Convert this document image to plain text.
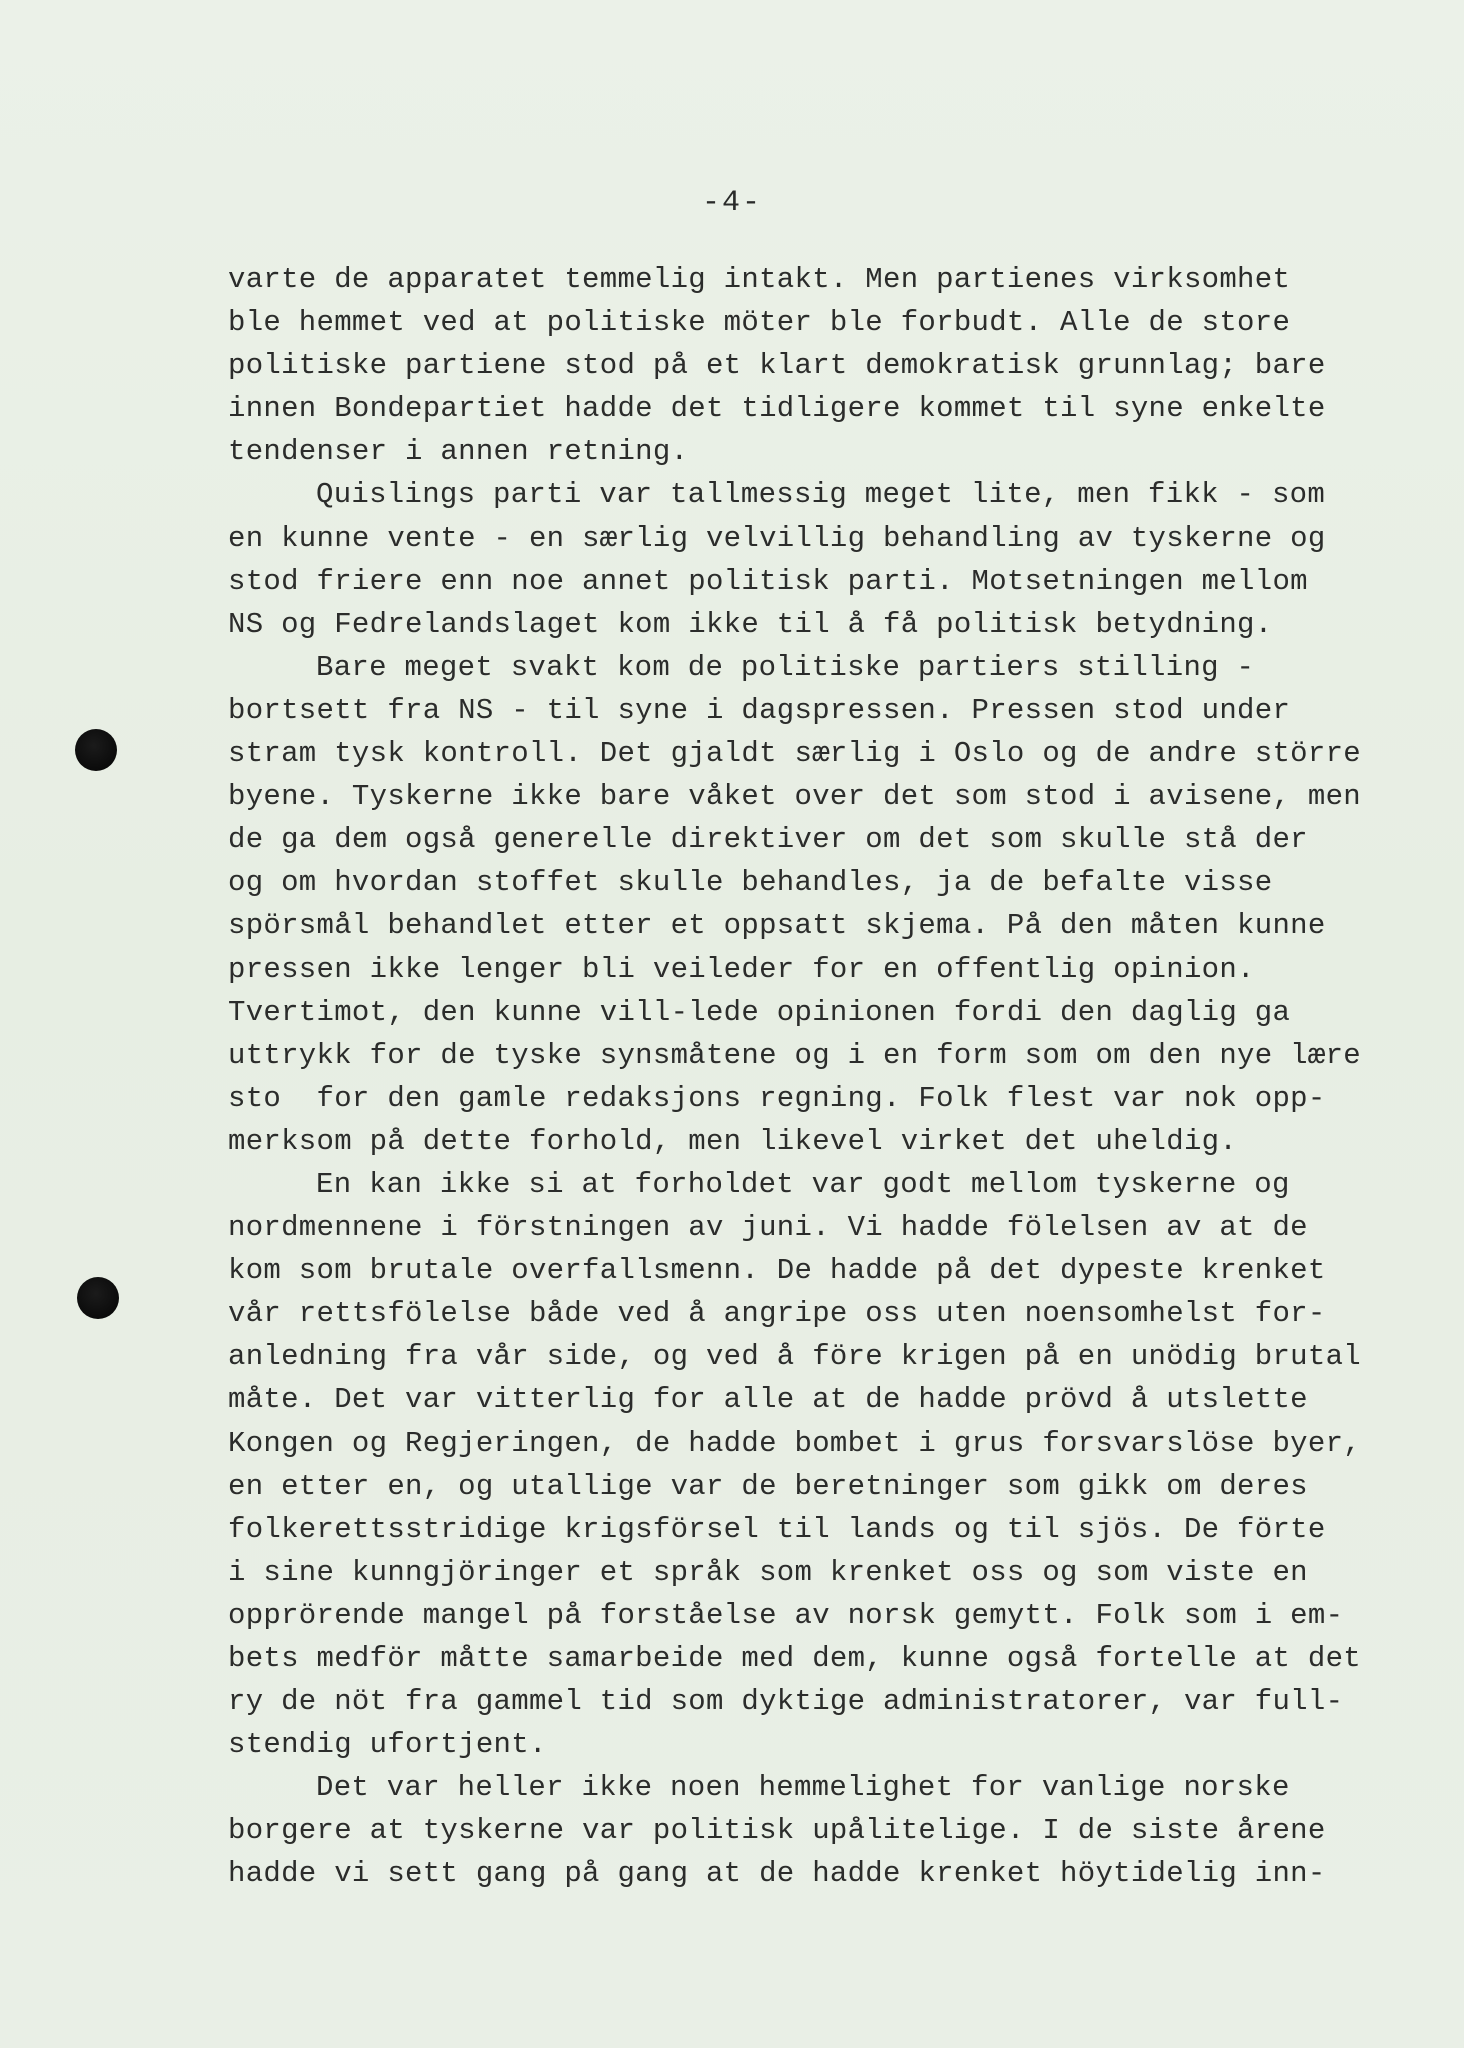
-4-
varte de apparatet temmelig intakt. Men partienes virksomhet
ble hemmet ved at politiske möter ble forbudt. Alle de store
politiske partiene stod på et klart demokratisk grunnlag; bare
innen Bondepartiet hadde det tidligere kommet til syne enkelte
tendenser i annen retning.
Quislings parti var tallmessig meget lite, men fikk - som
en kunne vente - en særlig velvillig behandling av tyskerne og
stod friere enn noe annet politisk parti. Motsetningen mellom
NS og Fedrelandslaget kom ikke til å få politisk betydning.
Bare meget svakt kom de politiske partiers stilling -
bortsett fra NS - til syne i dagspressen. Pressen stod under
stram tysk kontroll. Det gjaldt særlig i Oslo og de andre större
byene. Tyskerne ikke bare våket over det som stod i avisene, men
de ga dem også generelle direktiver om det som skulle stå der
og om hvordan stoffet skulle behandles, ja de befalte visse
spörsmål behandlet etter et oppsatt skjema. På den måten kunne
pressen ikke lenger bli veileder for en offentlig opinion.
Tvertimot, den kunne vill-lede opinionen fordi den daglig ga
uttrykk for de tyske synsmåtene og i en form som om den nye lære
sto  for den gamle redaksjons regning. Folk flest var nok opp-
merksom på dette forhold, men likevel virket det uheldig.
En kan ikke si at forholdet var godt mellom tyskerne og
nordmennene i förstningen av juni. Vi hadde fölelsen av at de
kom som brutale overfallsmenn. De hadde på det dypeste krenket
vår rettsfölelse både ved å angripe oss uten noensomhelst for-
anledning fra vår side, og ved å före krigen på en unödig brutal
måte. Det var vitterlig for alle at de hadde prövd å utslette
Kongen og Regjeringen, de hadde bombet i grus forsvarslöse byer,
en etter en, og utallige var de beretninger som gikk om deres
folkerettsstridige krigsförsel til lands og til sjös. De förte
i sine kunngjöringer et språk som krenket oss og som viste en
opprörende mangel på forståelse av norsk gemytt. Folk som i em-
bets medför måtte samarbeide med dem, kunne også fortelle at det
ry de nöt fra gammel tid som dyktige administratorer, var full-
stendig ufortjent.
Det var heller ikke noen hemmelighet for vanlige norske
borgere at tyskerne var politisk upålitelige. I de siste årene
hadde vi sett gang på gang at de hadde krenket höytidelig inn-
